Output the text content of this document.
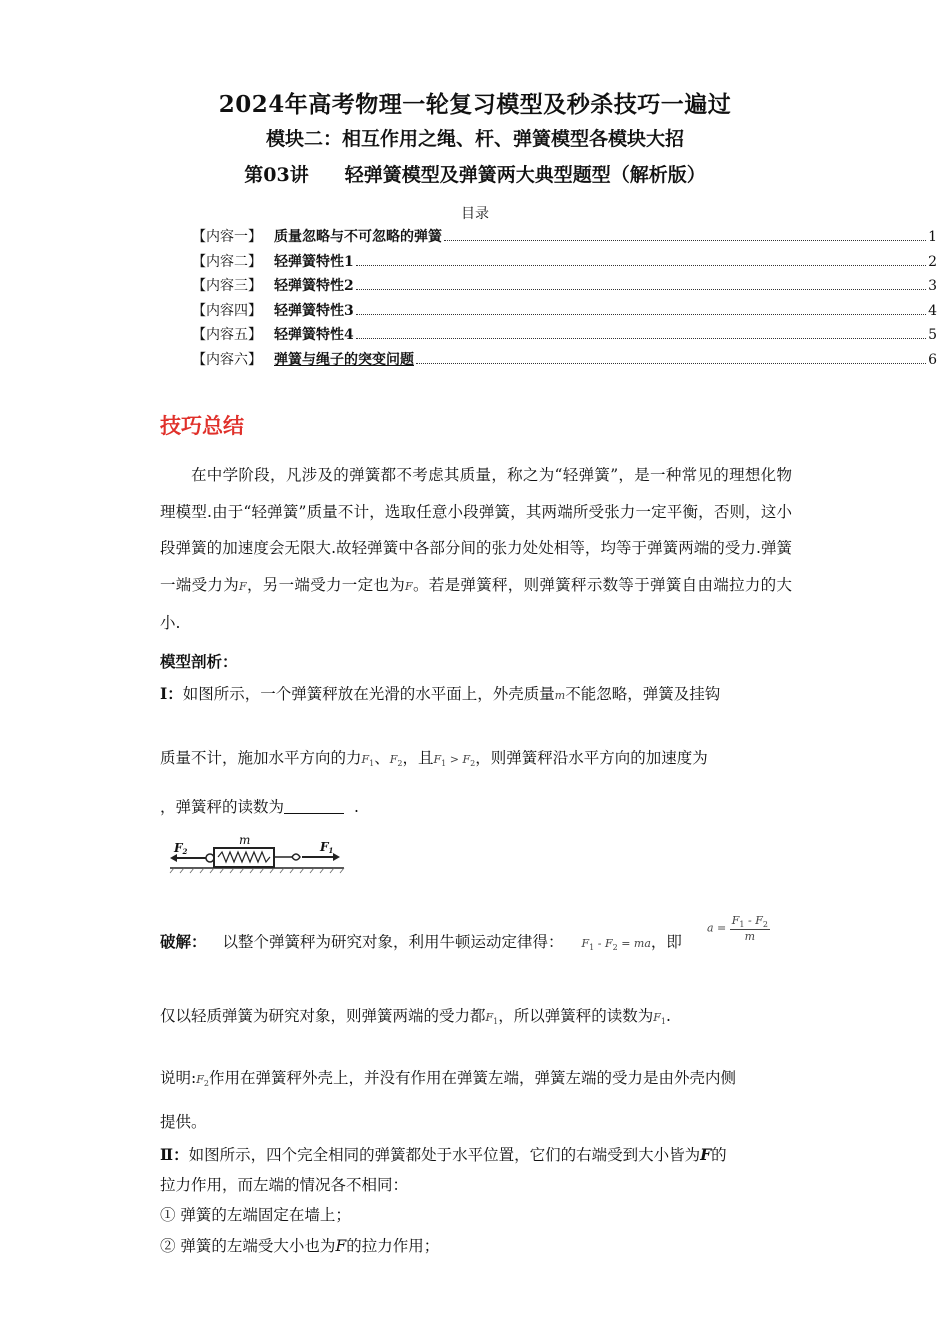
2024年高考物理一轮复习模型及秒杀技巧一遍过
模块二：相互作用之绳、杆、弹簧模型各模块大招
第03讲 轻弹簧模型及弹簧两大典型题型（解析版）
目录
【内容一】 质量忽略与不可忽略的弹簧	1
【内容二】 轻弹簧特性1	2
【内容三】 轻弹簧特性2	3
【内容四】 轻弹簧特性3	4
【内容五】 轻弹簧特性4	5
【内容六】 弹簧与绳子的突变问题	6
技巧总结

在中学阶段，凡涉及的弹簧都不考虑其质量，称之为“轻弹簧”，是一种常见的理想化物理模型.由于“轻弹簧”质量不计，选取任意小段弹簧，其两端所受张力一定平衡，否则，这小段弹簧的加速度会无限大.故轻弹簧中各部分间的张力处处相等，均等于弹簧两端的受力.弹簧一端受力为F，另一端受力一定也为F。若是弹簧秤，则弹簧秤示数等于弹簧自由端拉力的大小.

模型剖析：
Ⅰ：如图所示，一个弹簧秤放在光滑的水平面上，外壳质量m不能忽略，弹簧及挂钩
质量不计，施加水平方向的力$F_1$、$F_2$，且$F_1 > F_2$，则弹簧秤沿水平方向的加速度为
，弹簧秤的读数为	.
m
F2	F1
破解： 以整个弹簧秤为研究对象，利用牛顿运动定律得： $F_1 - F_2$ = ma，即
$a = \frac{F_1 - F_2}{m}$
仅以轻质弹簧为研究对象，则弹簧两端的受力都$F_1$，所以弹簧秤的读数为$F_1$.
说明$:F_2$作用在弹簧秤外壳上，并没有作用在弹簧左端，弹簧左端的受力是由外壳内侧
提供。
Ⅱ：如图所示，四个完全相同的弹簧都处于水平位置，它们的右端受到大小皆为F的
拉力作用，而左端的情况各不相同：
① 弹簧的左端固定在墙上；
② 弹簧的左端受大小也为F的拉力作用；
